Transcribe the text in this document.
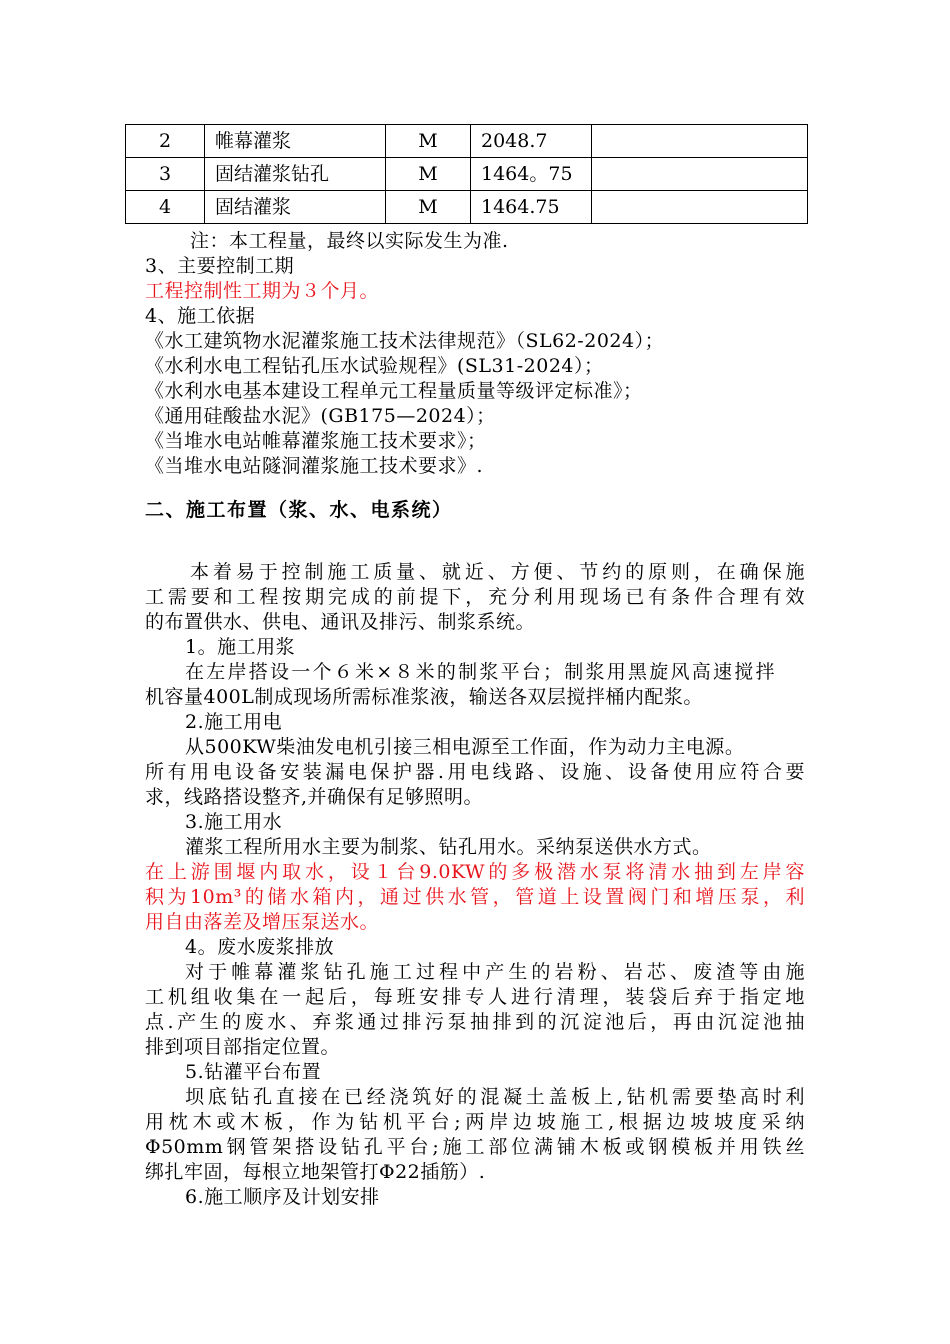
2	帷幕灌浆	M	2048.7	
3	固结灌浆钻孔	M	1464。75	
4	固结灌浆	M	1464.75	
注：本工程量，最终以实际发生为准.
3、主要控制工期
工程控制性工期为３个月。
4、施工依据
《水工建筑物水泥灌浆施工技术法律规范》（SL62-2024）；
《水利水电工程钻孔压水试验规程》(SL31-2024）；
《水利水电基本建设工程单元工程量质量等级评定标准》；
《通用硅酸盐水泥》(GB175—2024）；
《当堆水电站帷幕灌浆施工技术要求》；
《当堆水电站隧洞灌浆施工技术要求》.
二、施工布置（浆、水、电系统）
本着易于控制施工质量、就近、方便、节约的原则，在确保施
工需要和工程按期完成的前提下，充分利用现场已有条件合理有效
的布置供水、供电、通讯及排污、制浆系统。
1。施工用浆
在左岸搭设一个６米×８米的制浆平台；制浆用黑旋风高速搅拌
机容量400L制成现场所需标准浆液，输送各双层搅拌桶内配浆。
2.施工用电
从500KW柴油发电机引接三相电源至工作面，作为动力主电源。
所有用电设备安装漏电保护器.用电线路、设施、设备使用应符合要
求，线路搭设整齐,并确保有足够照明。
3.施工用水
灌浆工程所用水主要为制浆、钻孔用水。采纳泵送供水方式。
在上游围堰内取水，设１台9.0KW的多极潜水泵将清水抽到左岸容
积为10m³的储水箱内，通过供水管，管道上设置阀门和增压泵，利
用自由落差及增压泵送水。
4。废水废浆排放
对于帷幕灌浆钻孔施工过程中产生的岩粉、岩芯、废渣等由施
工机组收集在一起后，每班安排专人进行清理，装袋后弃于指定地
点.产生的废水、弃浆通过排污泵抽排到的沉淀池后，再由沉淀池抽
排到项目部指定位置。
5.钻灌平台布置
坝底钻孔直接在已经浇筑好的混凝土盖板上,钻机需要垫高时利
用枕木或木板，作为钻机平台;两岸边坡施工,根据边坡坡度采纳
Φ50mm钢管架搭设钻孔平台;施工部位满铺木板或钢模板并用铁丝
绑扎牢固，每根立地架管打Φ22插筋）.
6.施工顺序及计划安排
